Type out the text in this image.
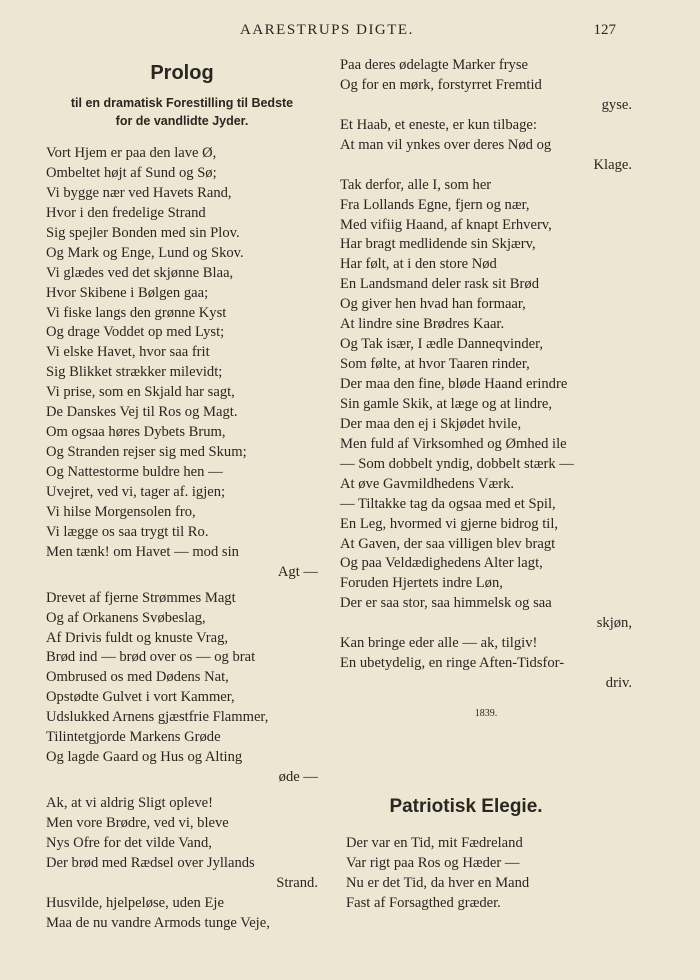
AARESTRUPS DIGTE.	127
Prolog
til en dramatisk Forestilling til Bedste
for de vandlidte Jyder.
Vort Hjem er paa den lave Ø,
Ombeltet højt af Sund og Sø;
Vi bygge nær ved Havets Rand,
Hvor i den fredelige Strand
Sig spejler Bonden med sin Plov.
Og Mark og Enge, Lund og Skov.
Vi glædes ved det skjønne Blaa,
Hvor Skibene i Bølgen gaa;
Vi fiske langs den grønne Kyst
Og drage Voddet op med Lyst;
Vi elske Havet, hvor saa frit
Sig Blikket strækker milevidt;
Vi prise, som en Skjald har sagt,
De Danskes Vej til Ros og Magt.
Om ogsaa høres Dybets Brum,
Og Stranden rejser sig med Skum;
Og Nattestorme buldre hen —
Uvejret, ved vi, tager af. igjen;
Vi hilse Morgensolen fro,
Vi lægge os saa trygt til Ro.
Men tænk! om Havet — mod sin
Agt —
Drevet af fjerne Strømmes Magt
Og af Orkanens Svøbeslag,
Af Drivis fuldt og knuste Vrag,
Brød ind — brød over os — og brat
Ombrused os med Dødens Nat,
Opstødte Gulvet i vort Kammer,
Udslukked Arnens gjæstfrie Flammer,
Tilintetgjorde Markens Grøde
Og lagde Gaard og Hus og Alting
øde —
Ak, at vi aldrig Sligt opleve!
Men vore Brødre, ved vi, bleve
Nys Ofre for det vilde Vand,
Der brød med Rædsel over Jyllands
Strand.
Husvilde, hjelpeløse, uden Eje
Maa de nu vandre Armods tunge Veje,
Paa deres ødelagte Marker fryse
Og for en mørk, forstyrret Fremtid
gyse.
Et Haab, et eneste, er kun tilbage:
At man vil ynkes over deres Nød og
Klage.
Tak derfor, alle I, som her
Fra Lollands Egne, fjern og nær,
Med vifiig Haand, af knapt Erhverv,
Har bragt medlidende sin Skjærv,
Har følt, at i den store Nød
En Landsmand deler rask sit Brød
Og giver hen hvad han formaar,
At lindre sine Brødres Kaar.
Og Tak især, I ædle Danneqvinder,
Som følte, at hvor Taaren rinder,
Der maa den fine, bløde Haand erindre
Sin gamle Skik, at læge og at lindre,
Der maa den ej i Skjødet hvile,
Men fuld af Virksomhed og Ømhed ile
— Som dobbelt yndig, dobbelt stærk —
At øve Gavmildhedens Værk.
— Tiltakke tag da ogsaa med et Spil,
En Leg, hvormed vi gjerne bidrog til,
At Gaven, der saa villigen blev bragt
Og paa Veldædighedens Alter lagt,
Foruden Hjertets indre Løn,
Der er saa stor, saa himmelsk og saa
skjøn,
Kan bringe eder alle — ak, tilgiv!
En ubetydelig, en ringe Aften-Tidsfor-
driv.
1839.
Patriotisk Elegie.
Der var en Tid, mit Fædreland
Var rigt paa Ros og Hæder —
Nu er det Tid, da hver en Mand
Fast af Forsagthed græder.
